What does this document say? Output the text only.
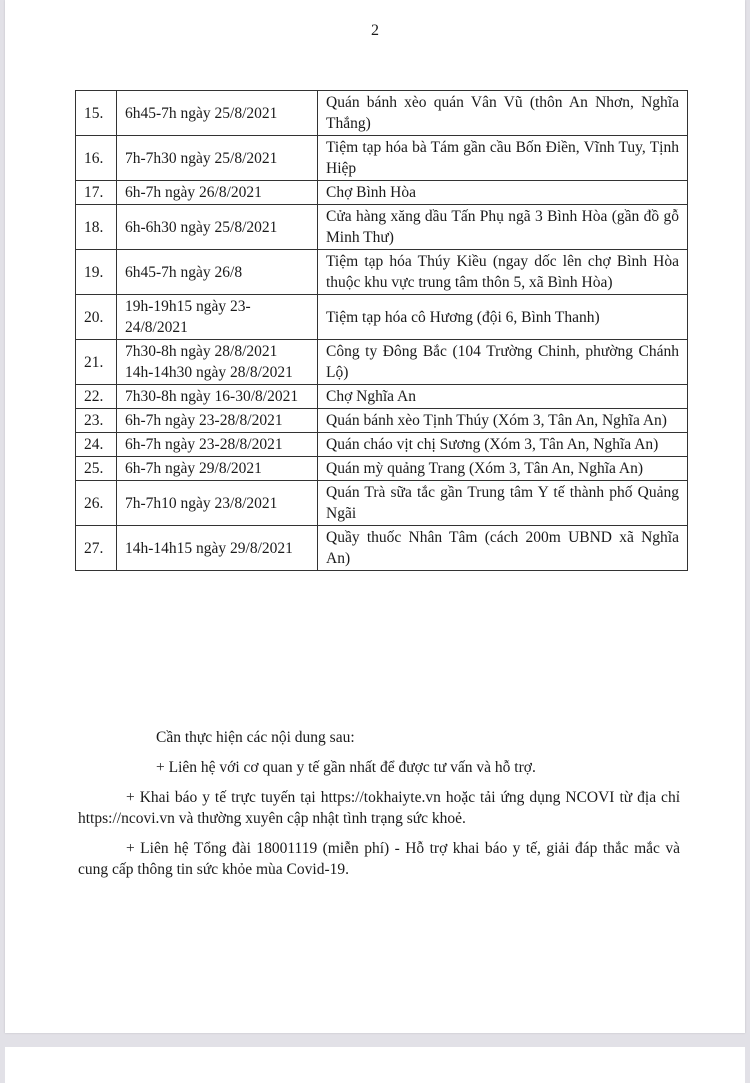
2
15.	6h45-7h ngày 25/8/2021	Quán bánh xèo quán Vân Vũ (thôn An Nhơn, Nghĩa Thắng)
16.	7h-7h30 ngày 25/8/2021	Tiệm tạp hóa bà Tám gần cầu Bốn Điền, Vĩnh Tuy, Tịnh Hiệp
17.	6h-7h ngày 26/8/2021	Chợ Bình Hòa
18.	6h-6h30 ngày 25/8/2021	Cửa hàng xăng dầu Tấn Phụ ngã 3 Bình Hòa (gần đồ gỗ Minh Thư)
19.	6h45-7h ngày 26/8	Tiệm tạp hóa Thúy Kiều (ngay dốc lên chợ Bình Hòa thuộc khu vực trung tâm thôn 5, xã Bình Hòa)
20.	19h-19h15 ngày 23-24/8/2021	Tiệm tạp hóa cô Hương (đội 6, Bình Thanh)
21.	7h30-8h ngày 28/8/2021 14h-14h30 ngày 28/8/2021	Công ty Đông Bắc (104 Trường Chinh, phường Chánh Lộ)
22.	7h30-8h ngày 16-30/8/2021	Chợ Nghĩa An
23.	6h-7h ngày 23-28/8/2021	Quán bánh xèo Tịnh Thúy (Xóm 3, Tân An, Nghĩa An)
24.	6h-7h ngày 23-28/8/2021	Quán cháo vịt chị Sương (Xóm 3, Tân An, Nghĩa An)
25.	6h-7h ngày 29/8/2021	Quán mỳ quảng Trang (Xóm 3, Tân An, Nghĩa An)
26.	7h-7h10 ngày 23/8/2021	Quán Trà sữa tắc gần Trung tâm Y tế thành phố Quảng Ngãi
27.	14h-14h15 ngày 29/8/2021	Quầy thuốc Nhân Tâm (cách 200m UBND xã Nghĩa An)

Cần thực hiện các nội dung sau:

+ Liên hệ với cơ quan y tế gần nhất để được tư vấn và hỗ trợ.

+ Khai báo y tế trực tuyến tại https://tokhaiyte.vn hoặc tải ứng dụng NCOVI từ địa chỉ https://ncovi.vn và thường xuyên cập nhật tình trạng sức khoẻ.

+ Liên hệ Tổng đài 18001119 (miễn phí) - Hỗ trợ khai báo y tế, giải đáp thắc mắc và cung cấp thông tin sức khỏe mùa Covid-19.
